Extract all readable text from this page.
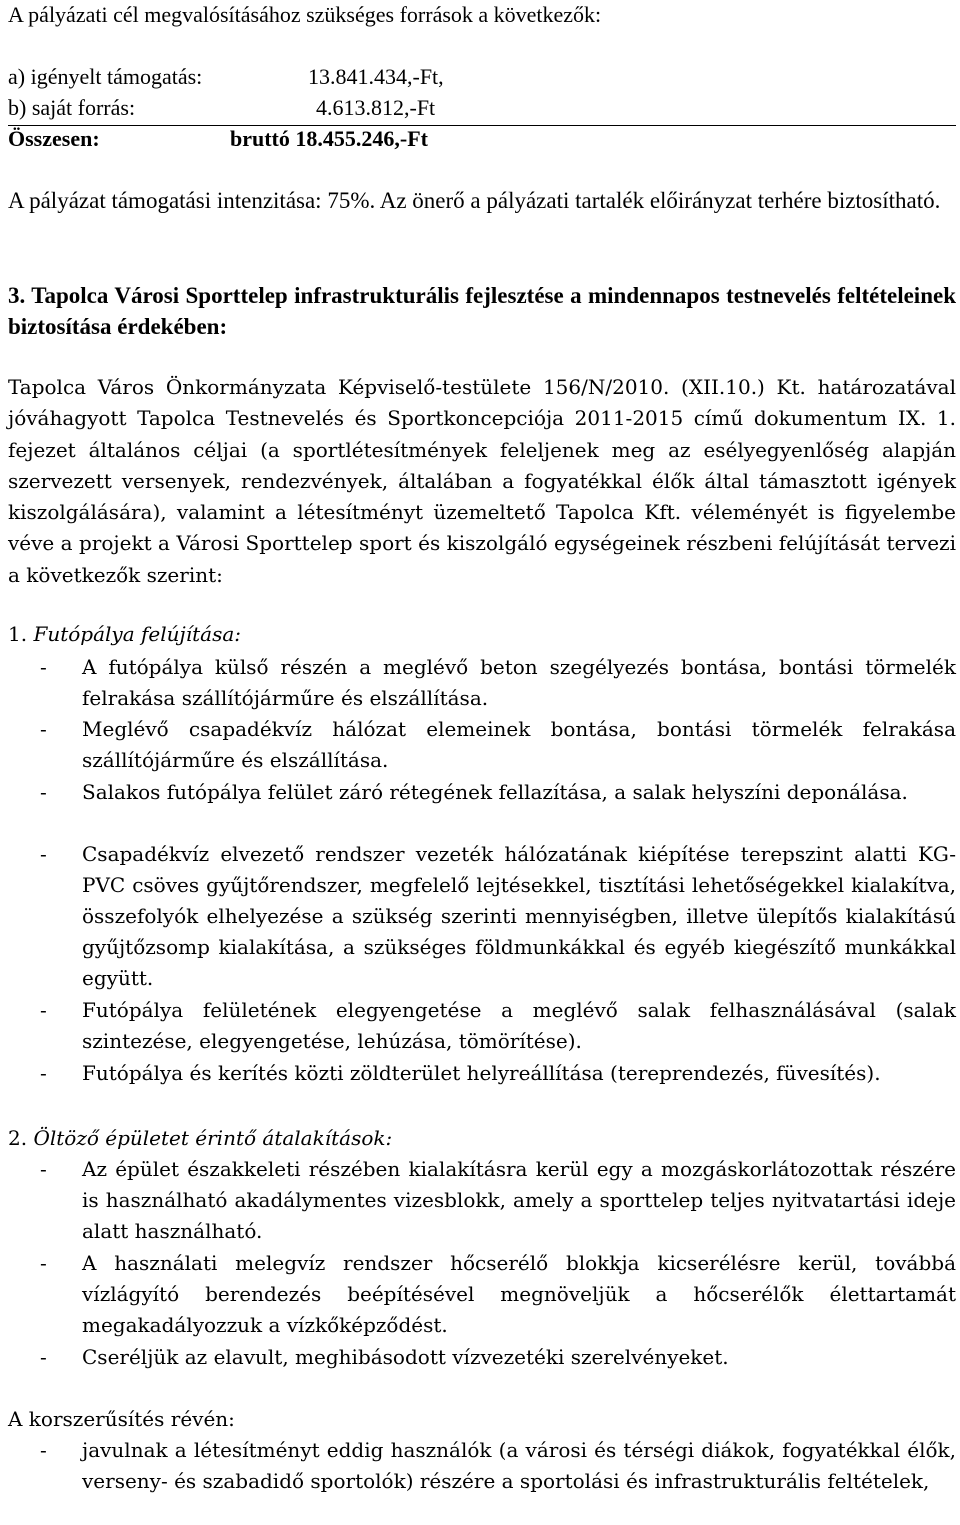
A pályázati cél megvalósításához szükséges források a következők:
a) igényelt támogatás:	13.841.434,-Ft,
b) saját forrás:	4.613.812,-Ft
Összesen:	bruttó 18.455.246,-Ft
A pályázat támogatási intenzitása: 75%. Az önerő a pályázati tartalék előirányzat terhére biztosítható.
3. Tapolca Városi Sporttelep infrastrukturális fejlesztése a mindennapos testnevelés feltételeinek biztosítása érdekében:
Tapolca Város Önkormányzata Képviselő-testülete 156/N/2010. (XII.10.) Kt. határozatával jóváhagyott Tapolca Testnevelés és Sportkoncepciója 2011-2015 című dokumentum IX. 1. fejezet általános céljai (a sportlétesítmények feleljenek meg az esélyegyenlőség alapján szervezett versenyek, rendezvények, általában a fogyatékkal élők által támasztott igények kiszolgálására), valamint a létesítményt üzemeltető Tapolca Kft. véleményét is figyelembe véve a projekt a Városi Sporttelep sport és kiszolgáló egységeinek részbeni felújítását tervezi a következők szerint:
1. Futópálya felújítása:
- A futópálya külső részén a meglévő beton szegélyezés bontása, bontási törmelék felrakása szállítójárműre és elszállítása.
- Meglévő csapadékvíz hálózat elemeinek bontása, bontási törmelék felrakása szállítójárműre és elszállítása.
- Salakos futópálya felület záró rétegének fellazítása, a salak helyszíni deponálása.
- Csapadékvíz elvezető rendszer vezeték hálózatának kiépítése terepszint alatti KG-PVC csöves gyűjtőrendszer, megfelelő lejtésekkel, tisztítási lehetőségekkel kialakítva, összefolyók elhelyezése a szükség szerinti mennyiségben, illetve ülepítős kialakítású gyűjtőzsomp kialakítása, a szükséges földmunkákkal és egyéb kiegészítő munkákkal együtt.
- Futópálya felületének elegyengetése a meglévő salak felhasználásával (salak szintezése, elegyengetése, lehúzása, tömörítése).
- Futópálya és kerítés közti zöldterület helyreállítása (tereprendezés, füvesítés).
2. Öltöző épületet érintő átalakítások:
- Az épület északkeleti részében kialakításra kerül egy a mozgáskorlátozottak részére is használható akadálymentes vizesblokk, amely a sporttelep teljes nyitvatartási ideje alatt használható.
- A használati melegvíz rendszer hőcserélő blokkja kicserélésre kerül, továbbá vízlágyító berendezés beépítésével megnöveljük a hőcserélők élettartamát megakadályozzuk a vízkőképződést.
- Cseréljük az elavult, meghibásodott vízvezetéki szerelvényeket.
A korszerűsítés révén:
- javulnak a létesítményt eddig használók (a városi és térségi diákok, fogyatékkal élők, verseny- és szabadidő sportolók) részére a sportolási és infrastrukturális feltételek,
